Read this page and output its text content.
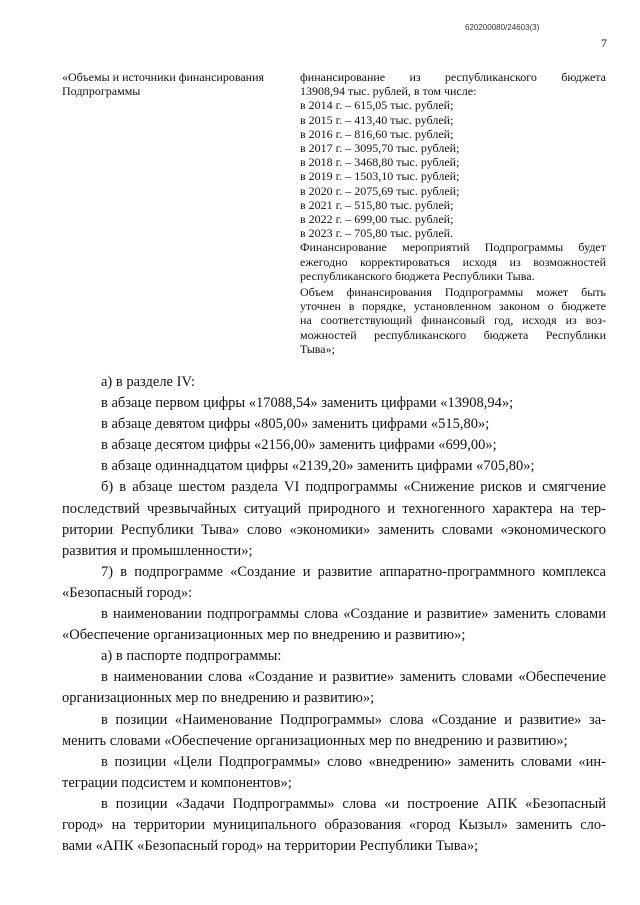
620200080/24603(3)
7

«Объемы и источники финансирования Подпрограммы

финансирование из республиканского бюджета
13908,94 тыс. рублей, в том числе:
в 2014 г. – 615,05 тыс. рублей;
в 2015 г. – 413,40 тыс. рублей;
в 2016 г. – 816,60 тыс. рублей;
в 2017 г. – 3095,70 тыс. рублей;
в 2018 г. – 3468,80 тыс. рублей;
в 2019 г. – 1503,10 тыс. рублей;
в 2020 г. – 2075,69 тыс. рублей;
в 2021 г. – 515,80 тыс. рублей;
в 2022 г. – 699,00 тыс. рублей;
в 2023 г. – 705,80 тыс. рублей.
Финансирование мероприятий Подпрограммы будет
ежегодно корректироваться исходя из возможностей
республиканского бюджета Республики Тыва.
Объем финансирования Подпрограммы может быть
уточнен в порядке, установленном законом о бюджете
на соответствующий финансовый год, исходя из воз-
можностей республиканского бюджета Республики
Тыва»;
а) в разделе IV:
в абзаце первом цифры «17088,54» заменить цифрами «13908,94»;
в абзаце девятом цифры «805,00» заменить цифрами «515,80»;
в абзаце десятом цифры «2156,00» заменить цифрами «699,00»;
в абзаце одиннадцатом цифры «2139,20» заменить цифрами «705,80»;
б) в абзаце шестом раздела VI подпрограммы «Снижение рисков и смягчение
последствий чрезвычайных ситуаций природного и техногенного характера на тер-
ритории Республики Тыва» слово «экономики» заменить словами «экономического
развития и промышленности»;
7) в подпрограмме «Создание и развитие аппаратно-программного комплекса
«Безопасный город»:
в наименовании подпрограммы слова «Создание и развитие» заменить словами
«Обеспечение организационных мер по внедрению и развитию»;
а) в паспорте подпрограммы:
в наименовании слова «Создание и развитие» заменить словами «Обеспечение
организационных мер по внедрению и развитию»;
в позиции «Наименование Подпрограммы» слова «Создание и развитие» за-
менить словами «Обеспечение организационных мер по внедрению и развитию»;
в позиции «Цели Подпрограммы» слово «внедрению» заменить словами «ин-
теграции подсистем и компонентов»;
в позиции «Задачи Подпрограммы» слова «и построение АПК «Безопасный
город» на территории муниципального образования «город Кызыл» заменить сло-
вами «АПК «Безопасный город» на территории Республики Тыва»;
